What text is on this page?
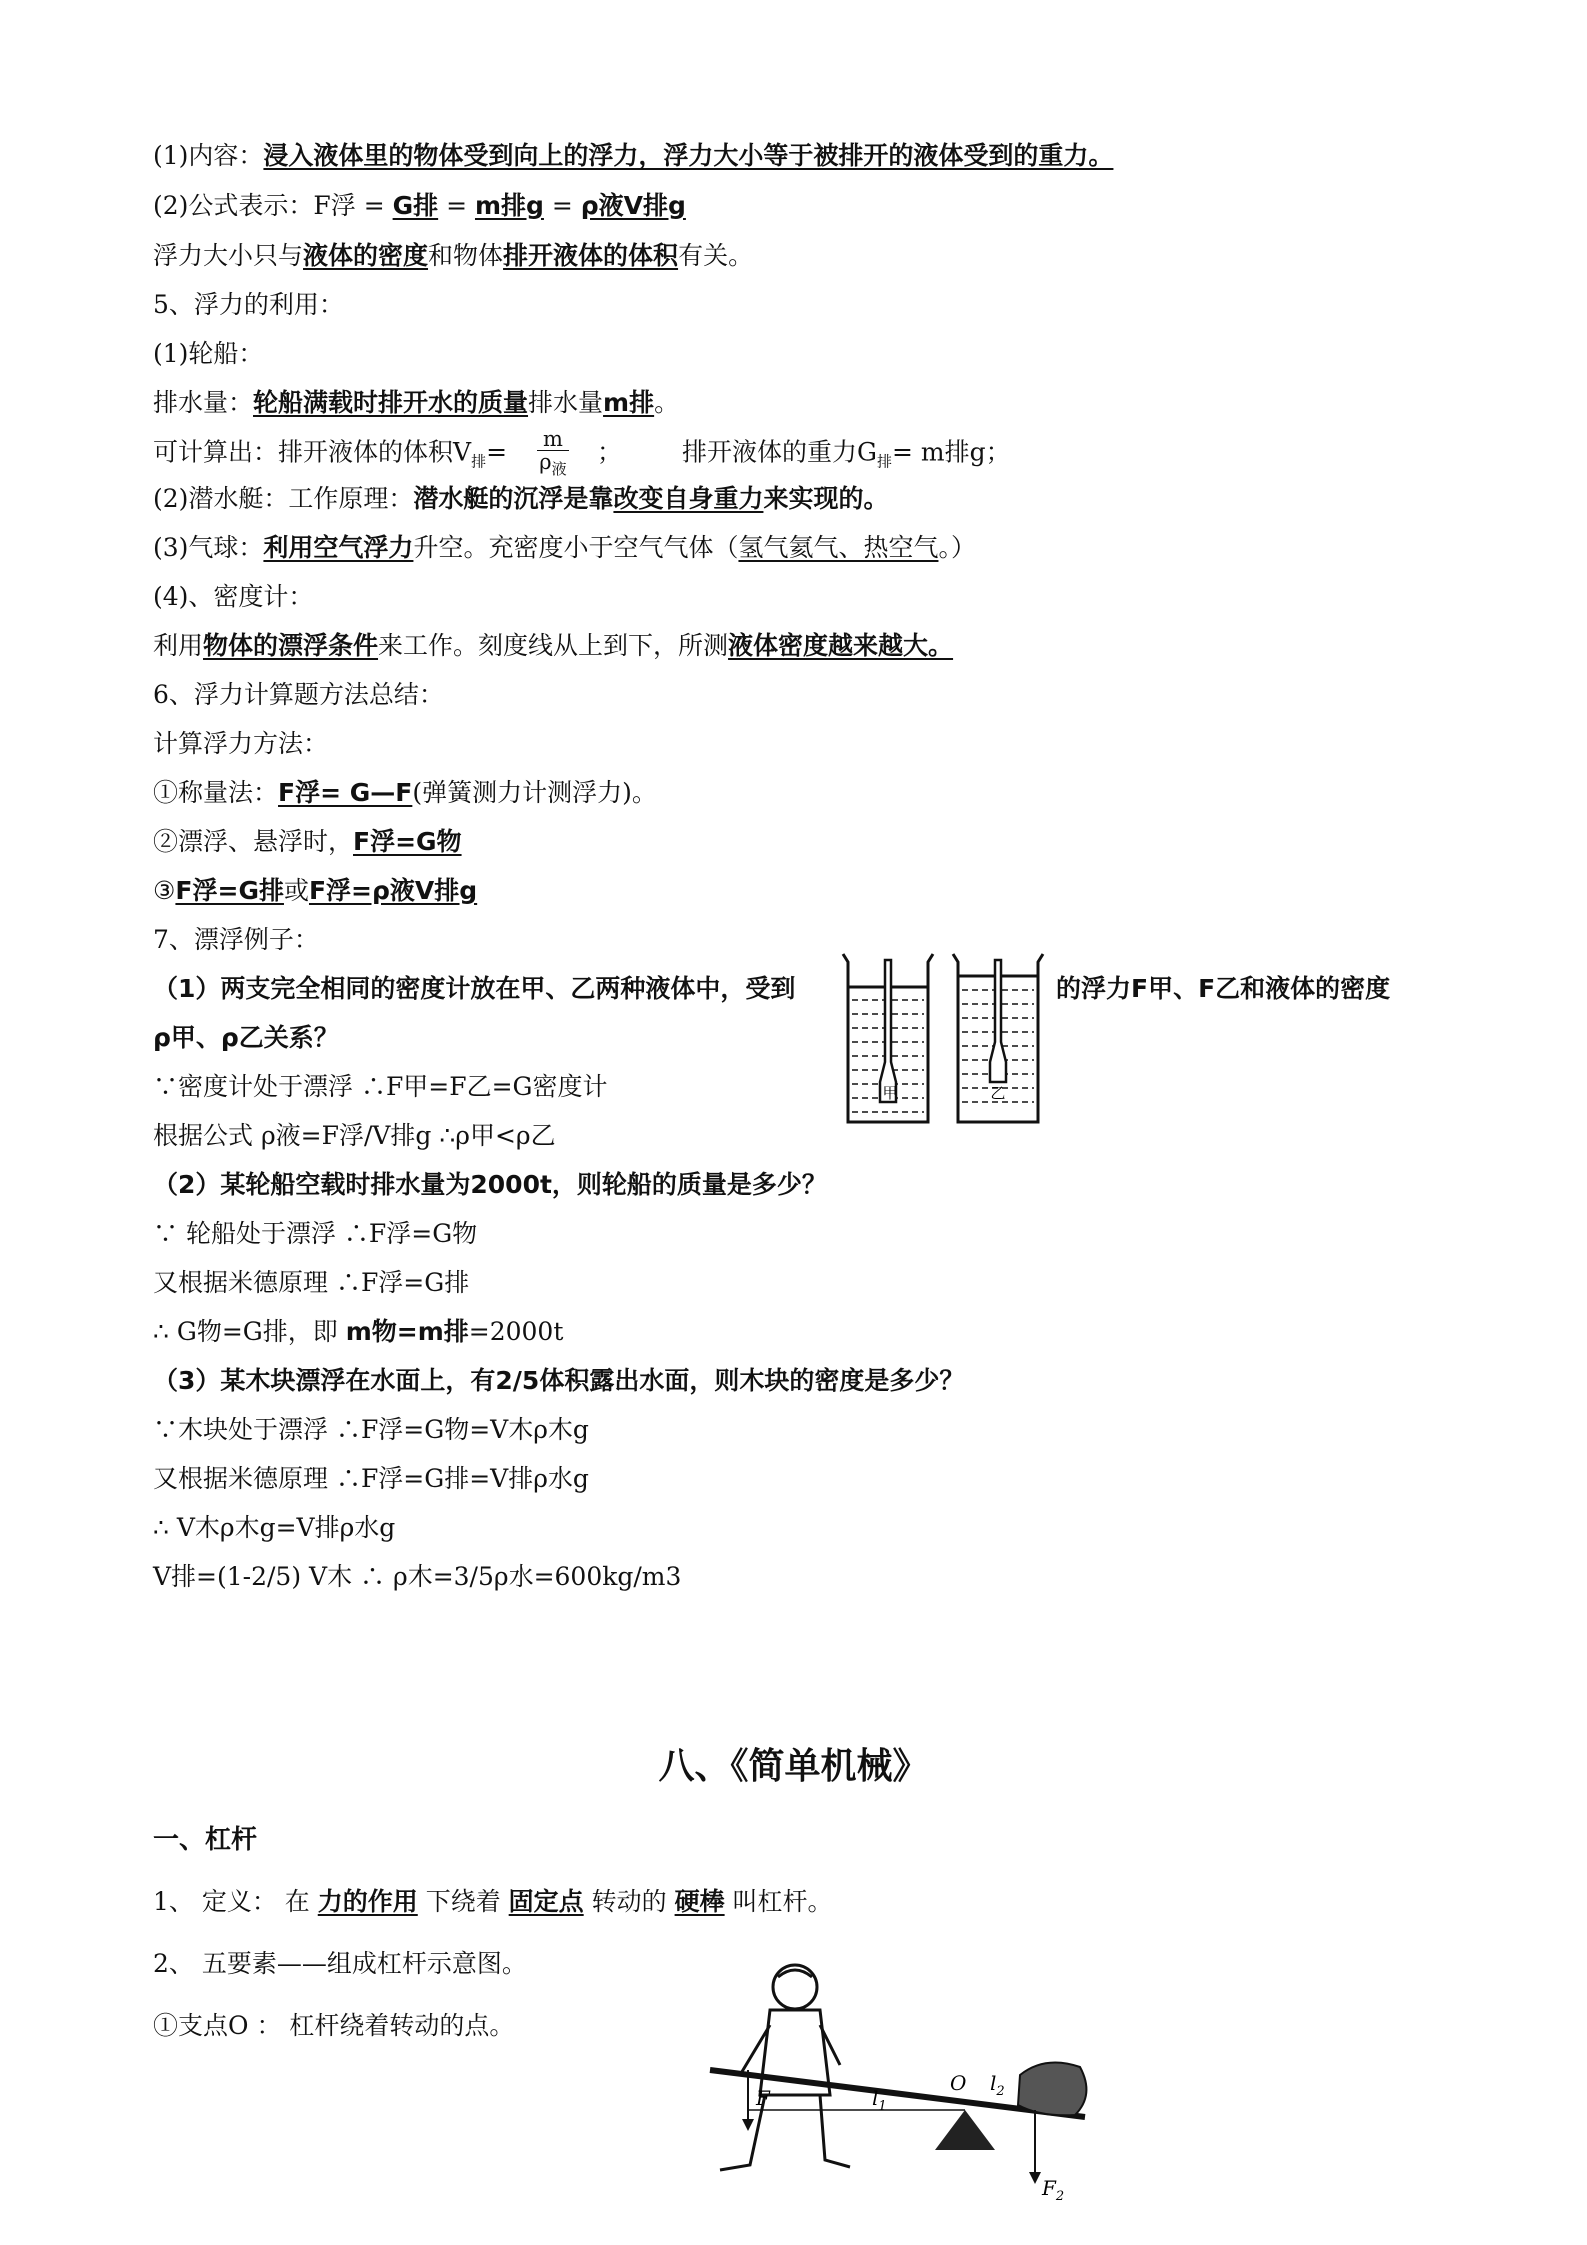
(1)内容：浸入液体里的物体受到向上的浮力，浮力大小等于被排开的液体受到的重力。
(2)公式表示：F浮 = G排 = m排g = ρ液V排g
浮力大小只与液体的密度和物体排开液体的体积有关。
5、浮力的利用：
(1)轮船：
排水量：轮船满载时排开水的质量排水量m排。
可计算出：排开液体的体积$V_排= \frac{m}{\rho_液}$ ； 排开液体的重力$G_排= m$排g；
(2)潜水艇：工作原理：潜水艇的沉浮是靠改变自身重力来实现的。
(3)气球：利用空气浮力升空。充密度小于空气气体（氢气氦气、热空气。）
(4)、密度计：
利用物体的漂浮条件来工作。刻度线从上到下，所测液体密度越来越大。
6、浮力计算题方法总结：
计算浮力方法：
①称量法：F浮= G—F(弹簧测力计测浮力)。
②漂浮、悬浮时，F浮=G物
③F浮=G排或F浮=ρ液V排g
7、漂浮例子：
（1）两支完全相同的密度计放在甲、乙两种液体中，受到	的浮力F甲、F乙和液体的密度
ρ甲、ρ乙关系？
∵密度计处于漂浮 ∴F甲=F乙=G密度计
根据公式 ρ液=F浮/V排g ∴ρ甲<ρ乙
甲	乙
（2）某轮船空载时排水量为2000t，则轮船的质量是多少？
∵ 轮船处于漂浮 ∴F浮=G物
又根据米德原理 ∴F浮=G排
∴ G物=G排，即 m物=m排=2000t
（3）某木块漂浮在水面上，有2/5体积露出水面，则木块的密度是多少？
∵木块处于漂浮 ∴F浮=G物=V木ρ木g
又根据米德原理 ∴F浮=G排=V排ρ水g
∴ V木ρ木g=V排ρ水g
V排=(1-2/5) V木 ∴ ρ木=3/5ρ水=600kg/m3
八、《简单机械》
一、杠杆
1、 定义： 在 力的作用 下绕着 固定点 转动的 硬棒 叫杠杆。
2、 五要素——组成杠杆示意图。
①支点O ： 杠杆绕着转动的点。
F	$l_1$
O $l_2$
$F_2$
